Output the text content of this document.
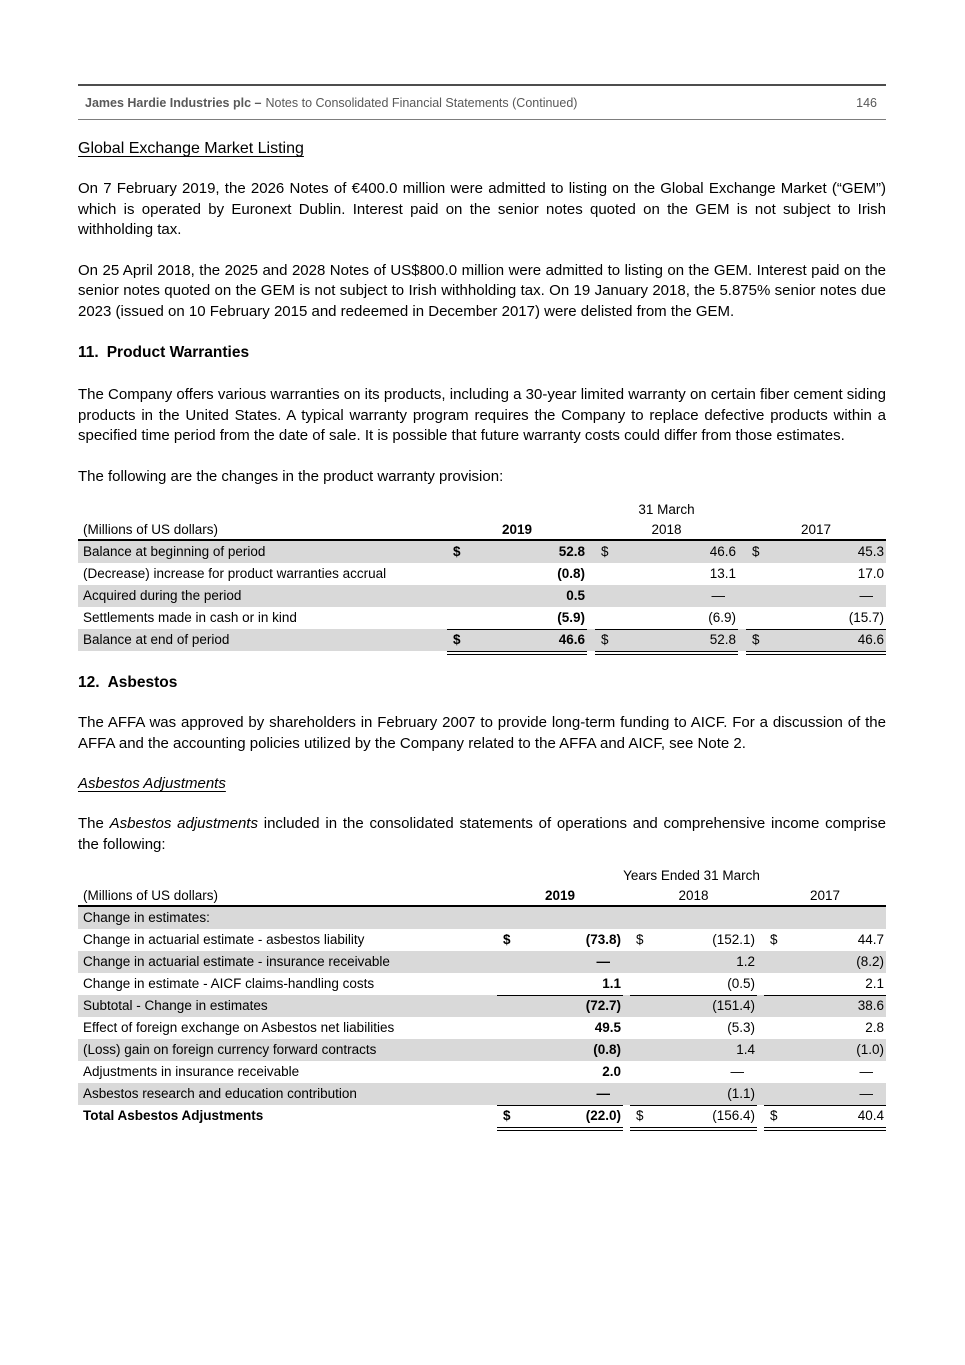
James Hardie Industries plc – Notes to Consolidated Financial Statements (Continued)	146
Global Exchange Market Listing

On 7 February 2019, the 2026 Notes of €400.0 million were admitted to listing on the Global Exchange Market (“GEM”) which is operated by Euronext Dublin. Interest paid on the senior notes quoted on the GEM is not subject to Irish withholding tax.

On 25 April 2018, the 2025 and 2028 Notes of US$800.0 million were admitted to listing on the GEM. Interest paid on the senior notes quoted on the GEM is not subject to Irish withholding tax. On 19 January 2018, the 5.875% senior notes due 2023 (issued on 10 February 2015 and redeemed in December 2017) were delisted from the GEM.

11. Product Warranties

The Company offers various warranties on its products, including a 30-year limited warranty on certain fiber cement siding products in the United States. A typical warranty program requires the Company to replace defective products within a specified time period from the date of sale. It is possible that future warranty costs could differ from those estimates.

The following are the changes in the product warranty provision:

31 March
(Millions of US dollars)	2019	2018	2017
Balance at beginning of period	$	52.8	$	46.6	$	45.3
(Decrease) increase for product warranties accrual	(0.8)	13.1	17.0
Acquired during the period	0.5	—	—
Settlements made in cash or in kind	(5.9)	(6.9)	(15.7)
Balance at end of period	$	46.6	$	52.8	$	46.6
12. Asbestos

The AFFA was approved by shareholders in February 2007 to provide long-term funding to AICF. For a discussion of the AFFA and the accounting policies utilized by the Company related to the AFFA and AICF, see Note 2.

Asbestos Adjustments

The Asbestos adjustments included in the consolidated statements of operations and comprehensive income comprise the following:

Years Ended 31 March
(Millions of US dollars)	2019	2018	2017
Change in estimates:
Change in actuarial estimate - asbestos liability	$	(73.8)	$	(152.1)	$	44.7
Change in actuarial estimate - insurance receivable	—	1.2	(8.2)
Change in estimate - AICF claims-handling costs	1.1	(0.5)	2.1
Subtotal - Change in estimates	(72.7)	(151.4)	38.6
Effect of foreign exchange on Asbestos net liabilities	49.5	(5.3)	2.8
(Loss) gain on foreign currency forward contracts	(0.8)	1.4	(1.0)
Adjustments in insurance receivable	2.0	—	—
Asbestos research and education contribution	—	(1.1)	—
Total Asbestos Adjustments	$	(22.0)	$	(156.4)	$	40.4
